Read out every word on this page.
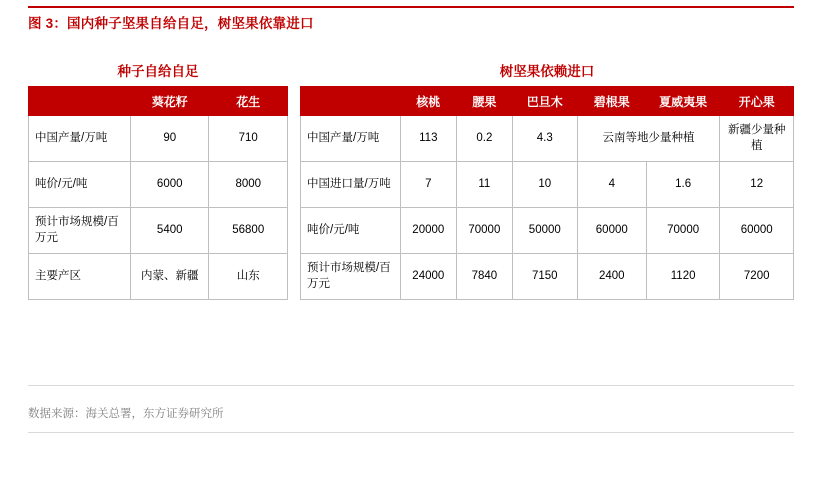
图 3：国内种子坚果自给自足，树坚果依靠进口
种子自给自足
	葵花籽	花生
中国产量/万吨	90	710
吨价/元/吨	6000	8000
预计市场规模/百万元	5400	56800
主要产区	内蒙、新疆	山东
树坚果依赖进口
	核桃	腰果	巴旦木	碧根果	夏威夷果	开心果
中国产量/万吨	113	0.2	4.3	云南等地少量种植		新疆少量种植
中国进口量/万吨	7	11	10	4	1.6	12
吨价/元/吨	20000	70000	50000	60000	70000	60000
预计市场规模/百万元	24000	7840	7150	2400	1120	7200
数据来源：海关总署，东方证券研究所
